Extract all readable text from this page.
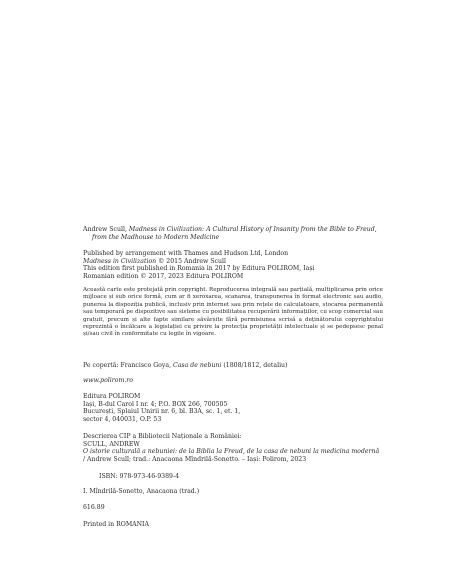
Andrew Scull, Madness in Civilization: A Cultural History of Insanity from the Bible to Freud, from the Madhouse to Modern Medicine

Published by arrangement with Thames and Hudson Ltd, London

Madness in Civilization © 2015 Andrew Scull

This edition first published in Romania in 2017 by Editura POLIROM, Iași

Romanian edition © 2017, 2023 Editura POLIROM

Această carte este protejată prin copyright. Reproducerea integrală sau parțială, multiplicarea prin orice mijloace și sub orice formă, cum ar fi xeroxarea, scanarea, transpunerea în format electronic sau audio, punerea la dispoziția publică, inclusiv prin internet sau prin rețele de calculatoare, stocarea permanentă sau temporară pe dispozitive sau sisteme cu posibilitatea recuperării informațiilor, cu scop comercial sau gratuit, precum și alte fapte similare săvârșite fără permisiunea scrisă a deținătorului copyrightului reprezintă o încălcare a legislației cu privire la protecția proprietății intelectuale și se pedepsesc penal și/sau civil în conformitate cu legile în vigoare.

Pe copertă: Francisco Goya, Casa de nebuni (1808/1812, detaliu)

www.polirom.ro

Editura POLIROM

Iași, B-dul Carol I nr. 4; P.O. BOX 266, 700505

București, Splaiul Unirii nr. 6, bl. B3A, sc. 1, et. 1,

sector 4, 040031, O.P. 53

Descrierea CIP a Bibliotecii Naționale a României:

SCULL, ANDREW

O istorie culturală a nebuniei: de la Biblia la Freud, de la casa de nebuni la medicina modernă / Andrew Scull; trad.: Anacaona Mîndrilă-Sonetto. – Iași: Polirom, 2023

ISBN: 978-973-46-9389-4

I. Mîndrilă-Sonetto, Anacaona (trad.)

616.89

Printed in ROMANIA
